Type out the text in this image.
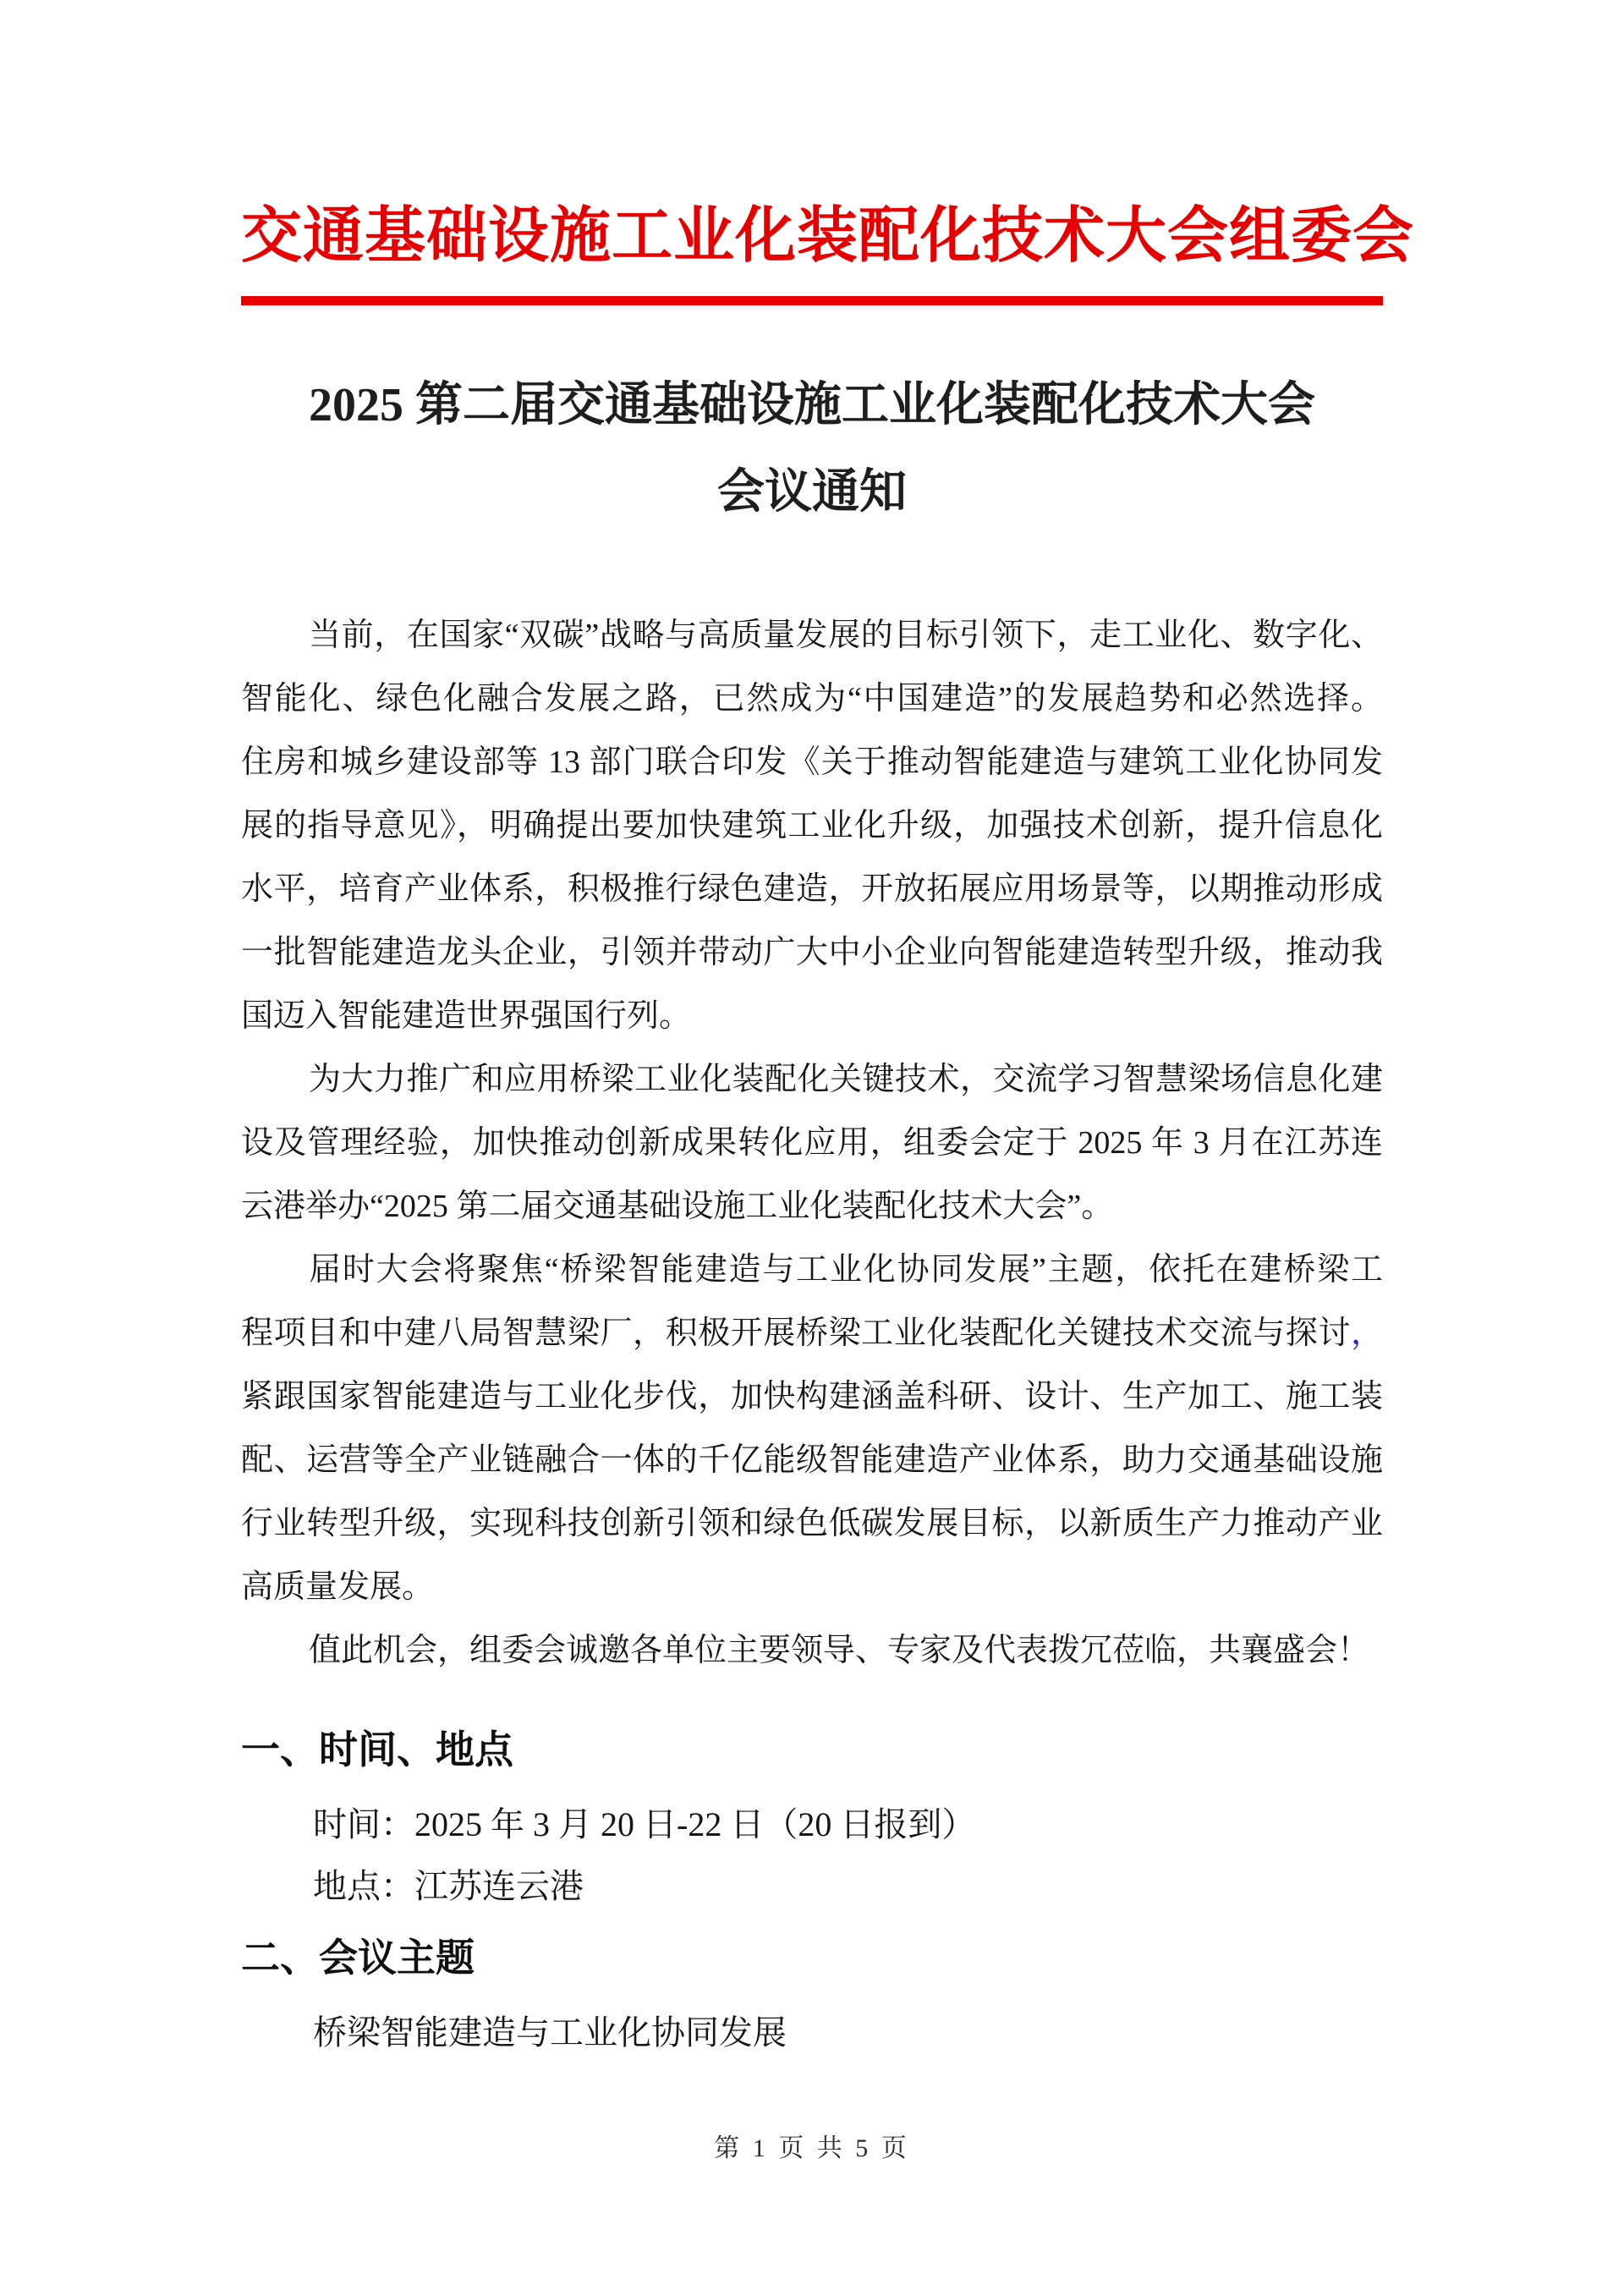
交通基础设施工业化装配化技术大会组委会
2025 第二届交通基础设施工业化装配化技术大会
会议通知
当前，在国家“双碳”战略与高质量发展的目标引领下，走工业化、数字化、
智能化、绿色化融合发展之路，已然成为“中国建造”的发展趋势和必然选择。
住房和城乡建设部等 13 部门联合印发《关于推动智能建造与建筑工业化协同发
展的指导意见》，明确提出要加快建筑工业化升级，加强技术创新，提升信息化
水平，培育产业体系，积极推行绿色建造，开放拓展应用场景等，以期推动形成
一批智能建造龙头企业，引领并带动广大中小企业向智能建造转型升级，推动我
国迈入智能建造世界强国行列。
为大力推广和应用桥梁工业化装配化关键技术，交流学习智慧梁场信息化建
设及管理经验，加快推动创新成果转化应用，组委会定于 2025 年 3 月在江苏连
云港举办“2025 第二届交通基础设施工业化装配化技术大会”。
届时大会将聚焦“桥梁智能建造与工业化协同发展”主题，依托在建桥梁工
程项目和中建八局智慧梁厂，积极开展桥梁工业化装配化关键技术交流与探讨，
紧跟国家智能建造与工业化步伐，加快构建涵盖科研、设计、生产加工、施工装
配、运营等全产业链融合一体的千亿能级智能建造产业体系，助力交通基础设施
行业转型升级，实现科技创新引领和绿色低碳发展目标，以新质生产力推动产业
高质量发展。
值此机会，组委会诚邀各单位主要领导、专家及代表拨冗莅临，共襄盛会！
一、时间、地点
时间：2025 年 3 月 20 日-22 日（20 日报到）
地点：江苏连云港
二、会议主题
桥梁智能建造与工业化协同发展
第 1 页 共 5 页
